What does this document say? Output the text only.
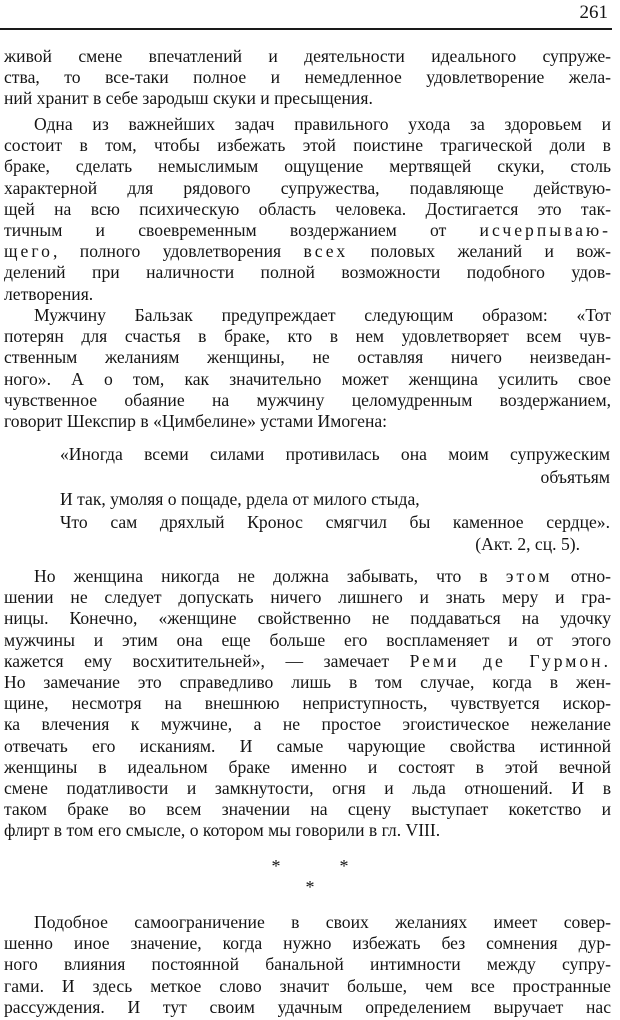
261
живой смене впечатлений и деятельности идеального супруже-
ства, то все-таки полное и немедленное удовлетворение жела-
ний хранит в себе зародыш скуки и пресыщения.
Одна из важнейших задач правильного ухода за здоровьем и
состоит в том, чтобы избежать этой поистине трагической доли в
браке, сделать немыслимым ощущение мертвящей скуки, столь
характерной для рядового супружества, подавляюще действую-
щей на всю психическую область человека. Достигается это так-
тичным и своевременным воздержанием от исчерпываю-
щего, полного удовлетворения всех половых желаний и вож-
делений при наличности полной возможности подобного удов-
летворения.
Мужчину Бальзак предупреждает следующим образом: «Тот
потерян для счастья в браке, кто в нем удовлетворяет всем чув-
ственным желаниям женщины, не оставляя ничего неизведан-
ного». А о том, как значительно может женщина усилить свое
чувственное обаяние на мужчину целомудренным воздержанием,
говорит Шекспир в «Цимбелине» устами Имогена:
«Иногда всеми силами противилась она моим супружеским
объятьям
И так, умоляя о пощаде, рдела от милого стыда,
Что сам дряхлый Кронос смягчил бы каменное сердце».
(Акт. 2, сц. 5).
Но женщина никогда не должна забывать, что в этом отно-
шении не следует допускать ничего лишнего и знать меру и гра-
ницы. Конечно, «женщине свойственно не поддаваться на удочку
мужчины и этим она еще больше его воспламеняет и от этого
кажется ему восхитительней», — замечает Реми де Гурмон.
Но замечание это справедливо лишь в том случае, когда в жен-
щине, несмотря на внешнюю неприступность, чувствуется искор-
ка влечения к мужчине, а не простое эгоистическое нежелание
отвечать его исканиям. И самые чарующие свойства истинной
женщины в идеальном браке именно и состоят в этой вечной
смене податливости и замкнутости, огня и льда отношений. И в
таком браке во всем значении на сцену выступает кокетство и
флирт в том его смысле, о котором мы говорили в гл. VIII.
*	*
*
Подобное самоограничение в своих желаниях имеет совер-
шенно иное значение, когда нужно избежать без сомнения дур-
ного влияния постоянной банальной интимности между супру-
гами. И здесь меткое слово значит больше, чем все пространные
рассуждения. И тут своим удачным определением выручает нас
